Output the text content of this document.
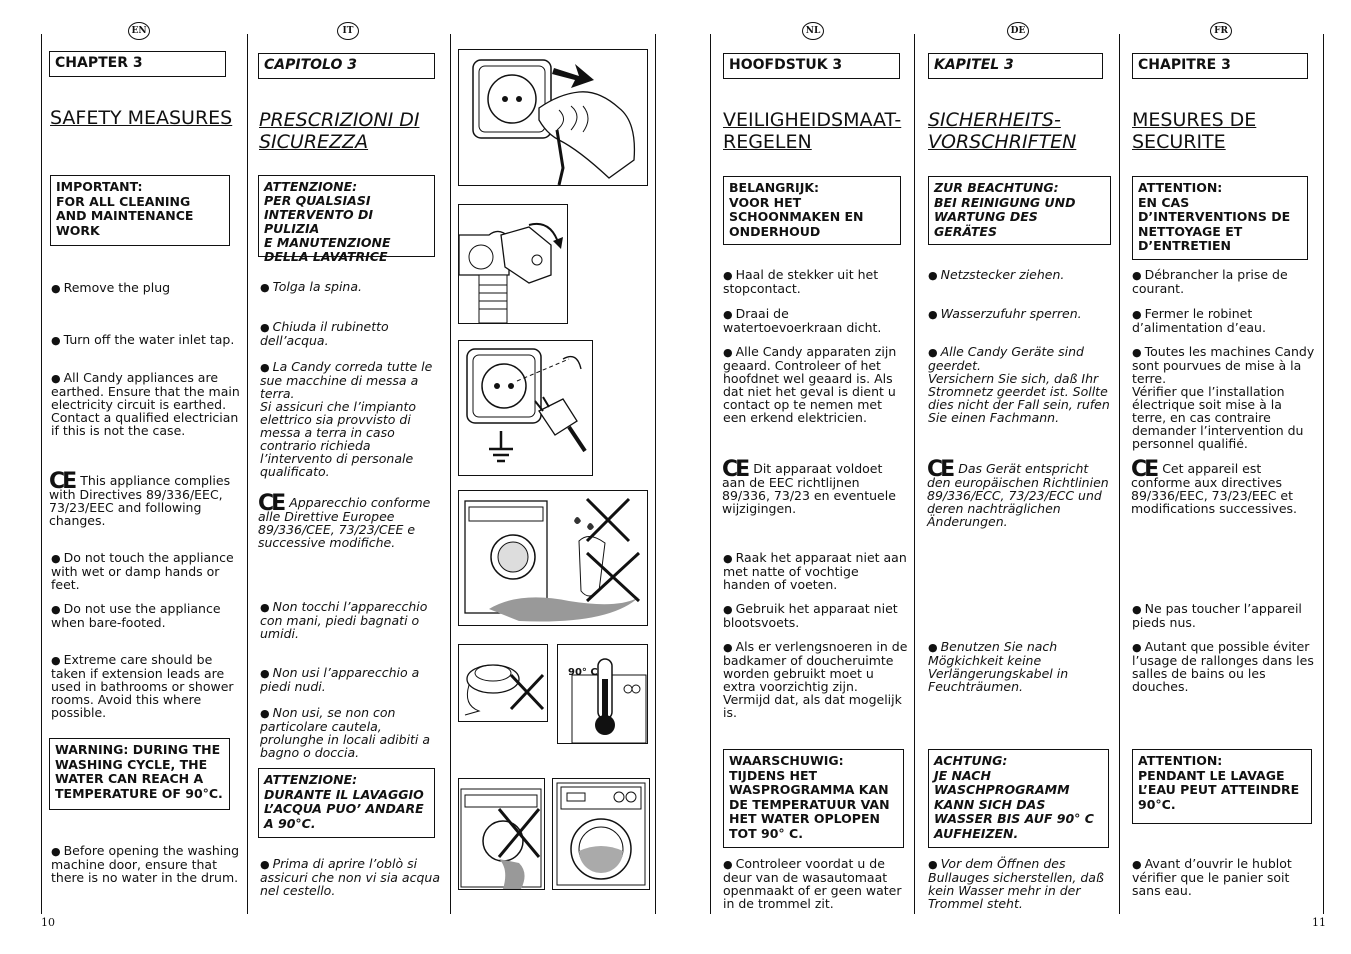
EN	IT	NL	DE	FR
CHAPTER 3
SAFETY MEASURES
IMPORTANT:
FOR ALL CLEANING
AND MAINTENANCE
WORK
● Remove the plug
● Turn off the water inlet tap.
● All Candy appliances are earthed. Ensure that the main electricity circuit is earthed. Contact a qualified electrician if this is not the case.
CE This appliance complies with Directives 89/336/EEC, 73/23/EEC and following changes.
● Do not touch the appliance with wet or damp hands or feet.
● Do not use the appliance when bare-footed.
● Extreme care should be taken if extension leads are used in bathrooms or shower rooms. Avoid this where possible.
WARNING: DURING THE WASHING CYCLE, THE WATER CAN REACH A TEMPERATURE OF 90°C.
● Before opening the washing machine door, ensure that there is no water in the drum.
10
CAPITOLO 3
PRESCRIZIONI DI SICUREZZA
ATTENZIONE:
PER QUALSIASI
INTERVENTO DI PULIZIA
E MANUTENZIONE
DELLA LAVATRICE
● Tolga la spina.
● Chiuda il rubinetto dell’acqua.
● La Candy correda tutte le sue macchine di messa a terra.
Si assicuri che l’impianto elettrico sia provvisto di messa a terra in caso contrario richieda l’intervento di personale qualificato.
CE Apparecchio conforme alle Direttive Europee 89/336/CEE, 73/23/CEE e successive modifiche.
● Non tocchi l’apparecchio con mani, piedi bagnati o umidi.
● Non usi l’apparecchio a piedi nudi.
● Non usi, se non con particolare cautela, prolunghe in locali adibiti a bagno o doccia.
ATTENZIONE:
DURANTE IL LAVAGGIO L’ACQUA PUO’ ANDARE A 90°C.
● Prima di aprire l’oblò si assicuri che non vi sia acqua nel cestello.
90° C
HOOFDSTUK 3
VEILIGHEIDSMAAT-
REGELEN
BELANGRIJK:
VOOR HET
SCHOONMAKEN EN
ONDERHOUD
● Haal de stekker uit het stopcontact.
● Draai de watertoevoerkraan dicht.
● Alle Candy apparaten zijn geaard. Controleer of het hoofdnet wel geaard is. Als dat niet het geval is dient u contact op te nemen met een erkend elektricien.
CE Dit apparaat voldoet aan de EEC richtlijnen 89/336, 73/23 en eventuele wijzigingen.
● Raak het apparaat niet aan met natte of vochtige handen of voeten.
● Gebruik het apparaat niet blootsvoets.
● Als er verlengsnoeren in de badkamer of doucheruimte worden gebruikt moet u extra voorzichtig zijn. Vermijd dat, als dat mogelijk is.
WAARSCHUWIG:
TIJDENS HET WASPROGRAMMA KAN DE TEMPERATUUR VAN HET WATER OPLOPEN TOT 90° C.
● Controleer voordat u de deur van de wasautomaat openmaakt of er geen water in de trommel zit.
KAPITEL 3
SICHERHEITS-
VORSCHRIFTEN
ZUR BEACHTUNG:
BEI REINIGUNG UND WARTUNG DES GERÄTES
● Netzstecker ziehen.
● Wasserzufuhr sperren.
● Alle Candy Geräte sind geerdet.
Versichern Sie sich, daß Ihr Stromnetz geerdet ist. Sollte dies nicht der Fall sein, rufen Sie einen Fachmann.
CE Das Gerät entspricht den europäischen Richtlinien 89/336/ECC, 73/23/ECC und deren nachträglichen Änderungen.
● Benutzen Sie nach Mögkichkeit keine Verlängerungskabel in Feuchträumen.
ACHTUNG:
JE NACH WASCHPROGRAMM KANN SICH DAS WASSER BIS AUF 90° C AUFHEIZEN.
● Vor dem Öffnen des Bullauges sicherstellen, daß kein Wasser mehr in der Trommel steht.
CHAPITRE 3
MESURES DE
SECURITE
ATTENTION:
EN CAS
D’INTERVENTIONS DE NETTOYAGE ET D’ENTRETIEN
● Débrancher la prise de courant.
● Fermer le robinet d’alimentation d’eau.
● Toutes les machines Candy sont pourvues de mise à la terre.
Vérifier que l’installation électrique soit mise à la terre, en cas contraire demander l’intervention du personnel qualifié.
CE Cet appareil est conforme aux directives 89/336/EEC, 73/23/EEC et modifications successives.
● Ne pas toucher l’appareil pieds nus.
● Autant que possible éviter l’usage de rallonges dans les salles de bains ou les douches.
ATTENTION:
PENDANT LE LAVAGE L’EAU PEUT ATTEINDRE 90°C.
● Avant d’ouvrir le hublot vérifier que le panier soit sans eau.
11
